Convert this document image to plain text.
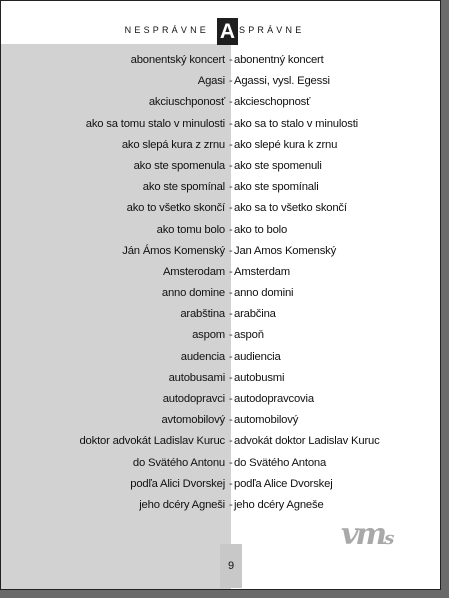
NESPRÁVNE A SPRÁVNE
abonentský koncert - abonentný koncert
Agasi - Agassi, vysl. Egessi
akciuschponosť - akcieschopnosť
ako sa tomu stalo v minulosti - ako sa to stalo v minulosti
ako slepá kura z zrnu - ako slepé kura k zrnu
ako ste spomenula - ako ste spomenuli
ako ste spomínal - ako ste spomínali
ako to všetko skončí - ako sa to všetko skončí
ako tomu bolo - ako to bolo
Ján Ámos Komenský - Jan Amos Komenský
Amsterodam - Amsterdam
anno domine - anno domini
arabština - arabčina
aspom - aspoň
audencia - audiencia
autobusami - autobusmi
autodopravci - autodopravcovia
avtomobilový - automobilový
doktor advokát Ladislav Kuruc - advokát doktor Ladislav Kuruc
do Svätého Antonu - do Svätého Antona
podľa Alici Dvorskej - podľa Alice Dvorskej
jeho dcéry Agneši - jeho dcéry Agneše
vms
9
